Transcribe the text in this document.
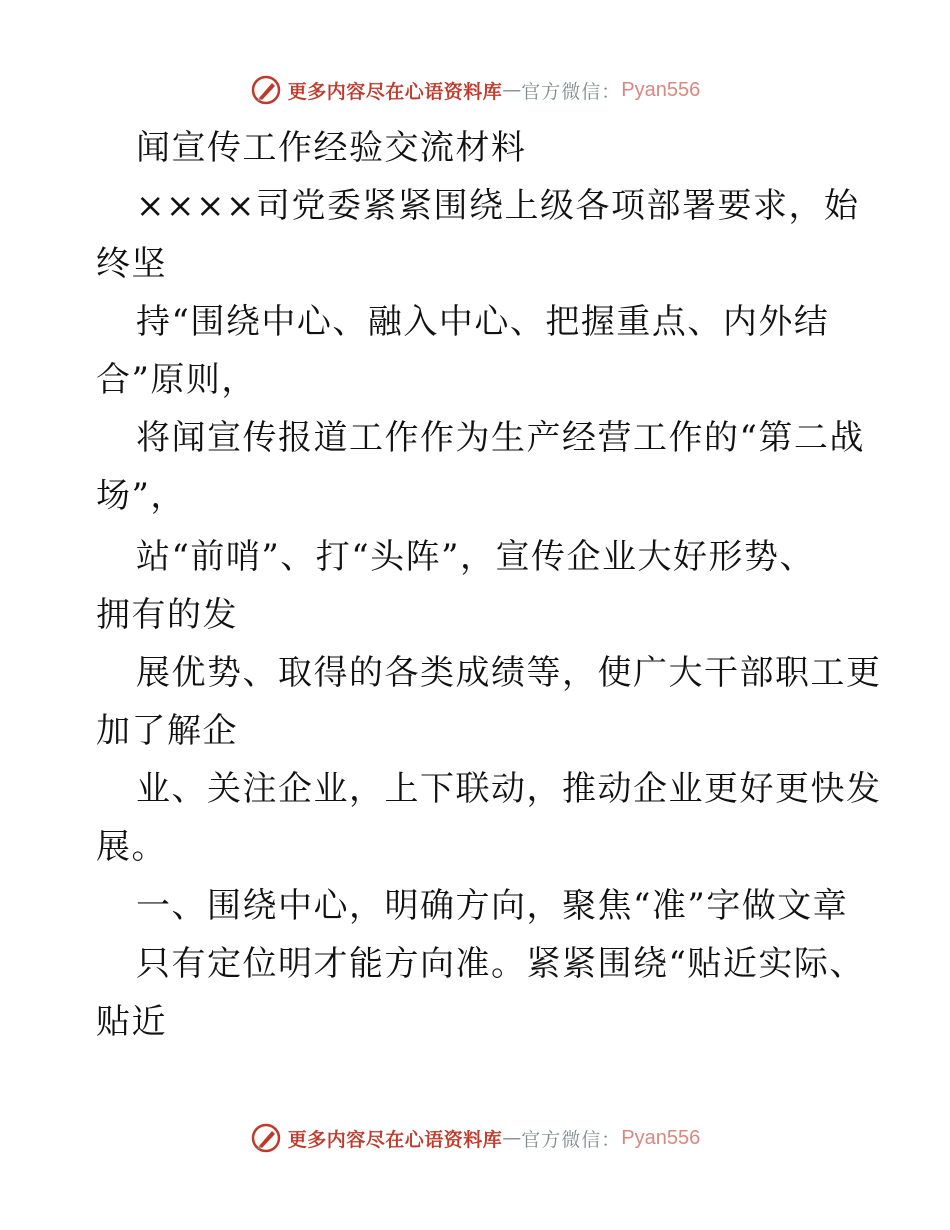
更多内容尽在心语资料库 — 官方微信： Pyan556
闻宣传工作经验交流材料
××××司党委紧紧围绕上级各项部署要求，始
终坚
持“围绕中心、融入中心、把握重点、内外结
合”原则，
将闻宣传报道工作作为生产经营工作的“第二战
场”，
站“前哨”、打“头阵”，宣传企业大好形势、
拥有的发
展优势、取得的各类成绩等，使广大干部职工更
加了解企
业、关注企业，上下联动，推动企业更好更快发
展。
一、围绕中心，明确方向，聚焦“准”字做文章
只有定位明才能方向准。紧紧围绕“贴近实际、
贴近
更多内容尽在心语资料库 — 官方微信： Pyan556
